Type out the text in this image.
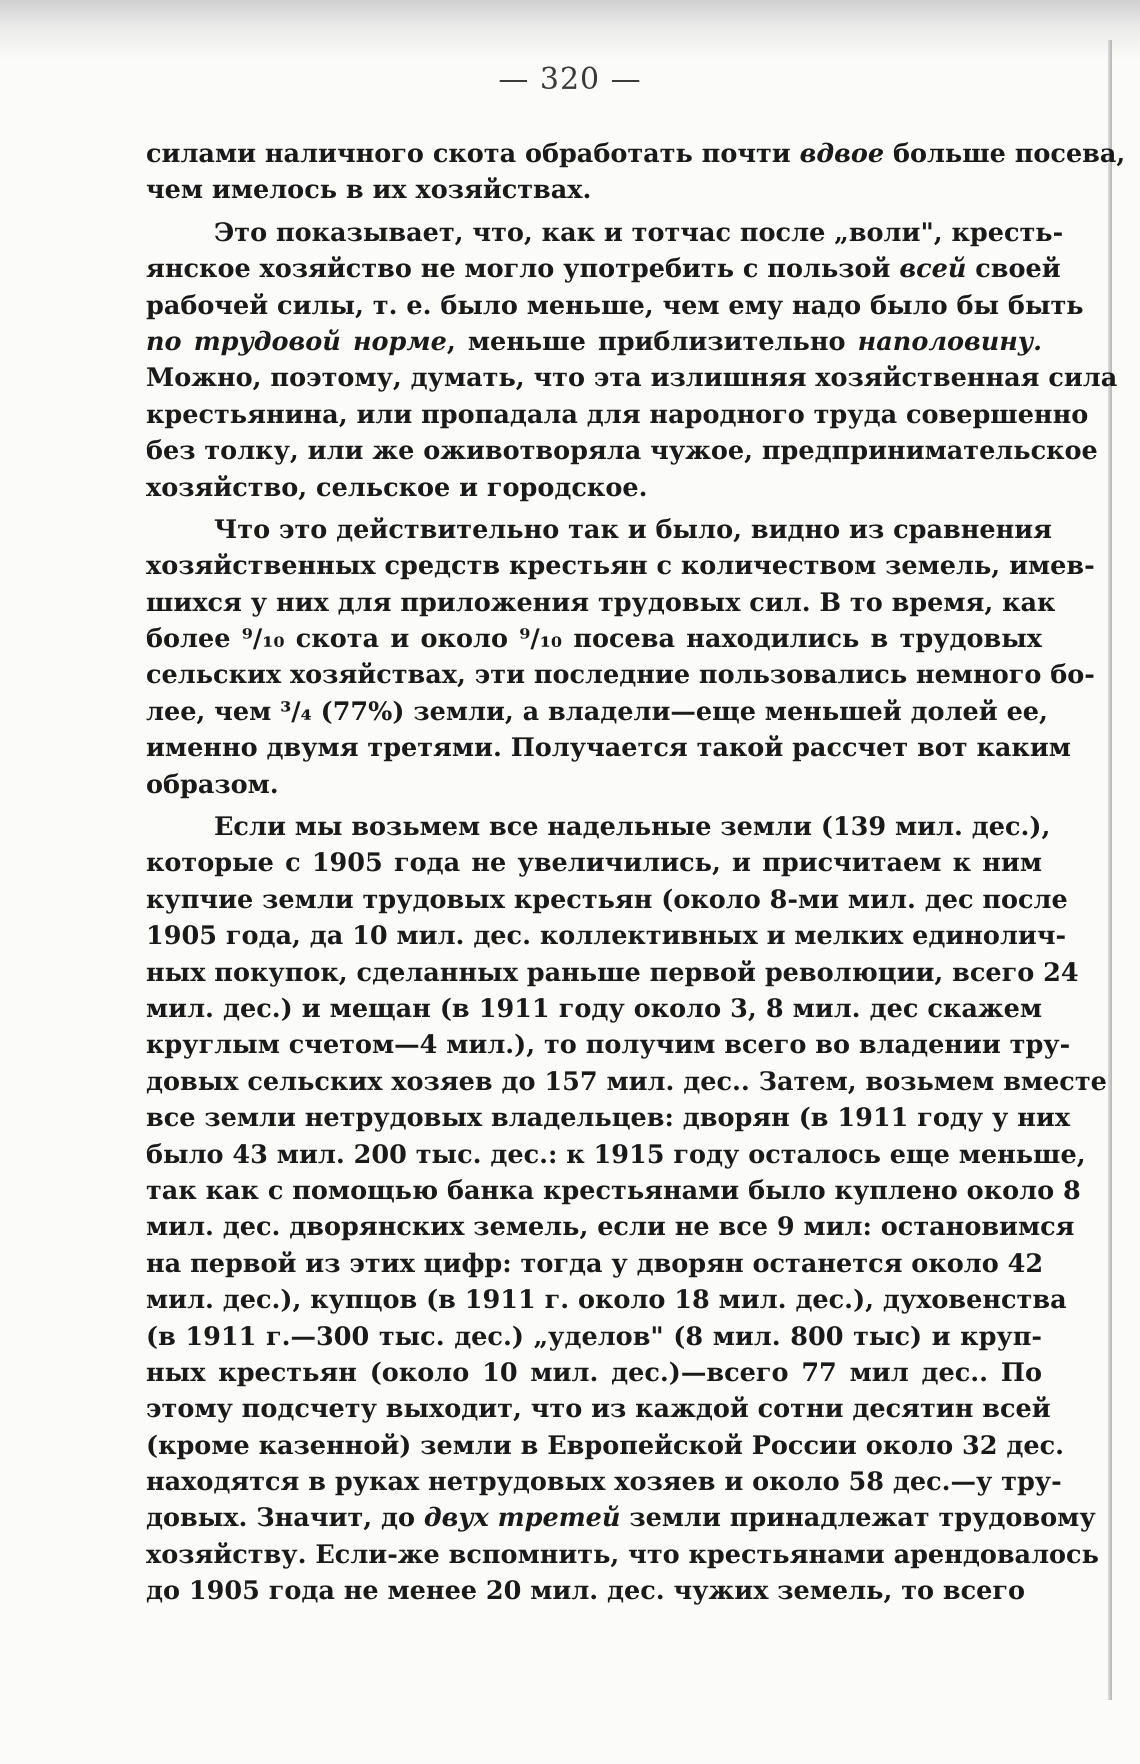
— 320 —
силами наличного скота обработать почти вдвое больше посева,
чем имелось в их хозяйствах.
Это показывает, что, как и тотчас после „воли", кресть-
янское хозяйство не могло употребить с пользой всей своей
рабочей силы, т. е. было меньше, чем ему надо было бы быть
по трудовой норме, меньше приблизительно наполовину.
Можно, поэтому, думать, что эта излишняя хозяйственная сила
крестьянина, или пропадала для народного труда совершенно
без толку, или же оживотворяла чужое, предпринимательское
хозяйство, сельское и городское.
Что это действительно так и было, видно из сравнения
хозяйственных средств крестьян с количеством земель, имев-
шихся у них для приложения трудовых сил. В то время, как
более ⁹/₁₀ скота и около ⁹/₁₀ посева находились в трудовых
сельских хозяйствах, эти последние пользовались немного бо-
лее, чем ³/₄ (77%) земли, а владели—еще меньшей долей ее,
именно двумя третями. Получается такой рассчет вот каким
образом.
Если мы возьмем все надельные земли (139 мил. дес.),
которые с 1905 года не увеличились, и присчитаем к ним
купчие земли трудовых крестьян (около 8-ми мил. дес после
1905 года, да 10 мил. дес. коллективных и мелких единолич-
ных покупок, сделанных раньше первой революции, всего 24
мил. дес.) и мещан (в 1911 году около 3, 8 мил. дес скажем
круглым счетом—4 мил.), то получим всего во владении тру-
довых сельских хозяев до 157 мил. дес.. Затем, возьмем вместе
все земли нетрудовых владельцев: дворян (в 1911 году у них
было 43 мил. 200 тыс. дес.: к 1915 году осталось еще меньше,
так как с помощью банка крестьянами было куплено около 8
мил. дес. дворянских земель, если не все 9 мил: остановимся
на первой из этих цифр: тогда у дворян останется около 42
мил. дес.), купцов (в 1911 г. около 18 мил. дес.), духовенства
(в 1911 г.—300 тыс. дес.) „уделов" (8 мил. 800 тыс) и круп-
ных крестьян (около 10 мил. дес.)—всего 77 мил дес.. По
этому подсчету выходит, что из каждой сотни десятин всей
(кроме казенной) земли в Европейской России около 32 дес.
находятся в руках нетрудовых хозяев и около 58 дес.—у тру-
довых. Значит, до двух третей земли принадлежат трудовому
хозяйству. Если-же вспомнить, что крестьянами арендовалось
до 1905 года не менее 20 мил. дес. чужих земель, то всего
